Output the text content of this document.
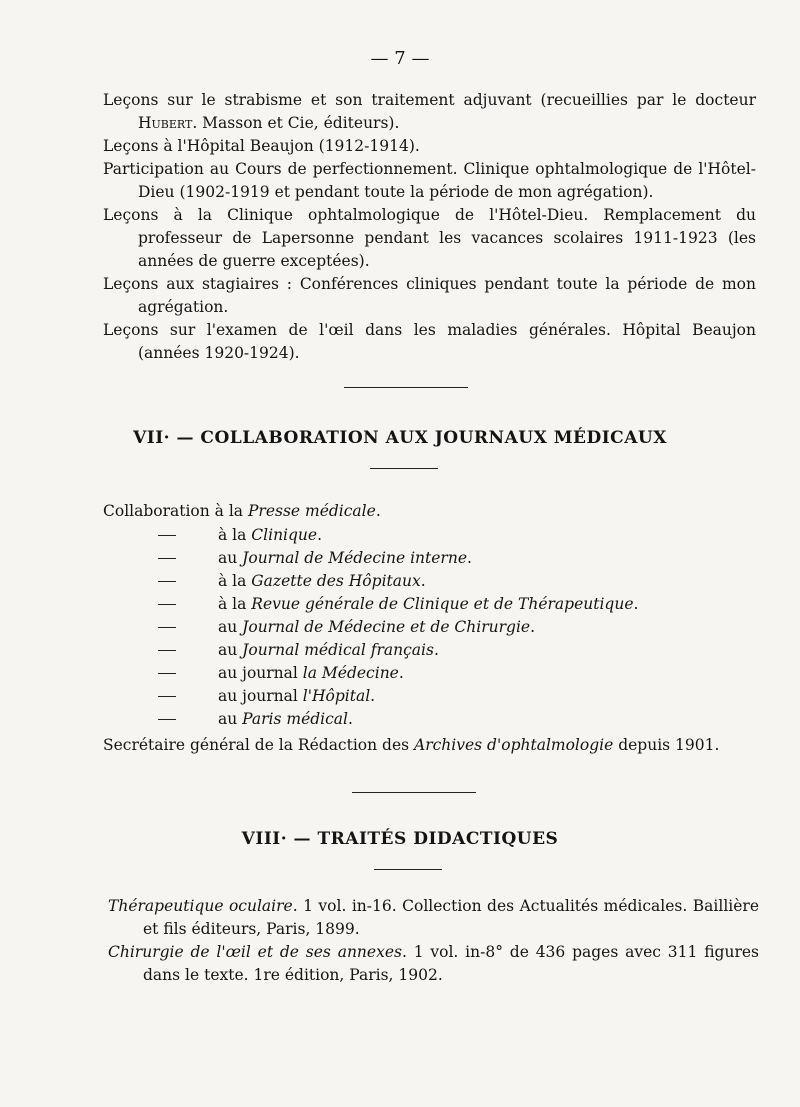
— 7 —
Leçons sur le strabisme et son traitement adjuvant (recueillies par le docteur Hubert. Masson et Cie, éditeurs).
Leçons à l'Hôpital Beaujon (1912-1914).
Participation au Cours de perfectionnement. Clinique ophtalmologique de l'Hôtel-Dieu (1902-1919 et pendant toute la période de mon agrégation).
Leçons à la Clinique ophtalmologique de l'Hôtel-Dieu. Remplacement du professeur de Lapersonne pendant les vacances scolaires 1911-1923 (les années de guerre exceptées).
Leçons aux stagiaires : Conférences cliniques pendant toute la période de mon agrégation.
Leçons sur l'examen de l'œil dans les maladies générales. Hôpital Beaujon (années 1920-1924).
VII· — COLLABORATION AUX JOURNAUX MÉDICAUX
Collaboration à la Presse médicale.
à la Clinique.
au Journal de Médecine interne.
à la Gazette des Hôpitaux.
à la Revue générale de Clinique et de Thérapeutique.
au Journal de Médecine et de Chirurgie.
au Journal médical français.
au journal la Médecine.
au journal l'Hôpital.
au Paris médical.
Secrétaire général de la Rédaction des Archives d'ophtalmologie depuis 1901.
VIII· — TRAITÉS DIDACTIQUES
Thérapeutique oculaire. 1 vol. in-16. Collection des Actualités médicales. Baillière et fils éditeurs, Paris, 1899.
Chirurgie de l'œil et de ses annexes. 1 vol. in-8° de 436 pages avec 311 figures dans le texte. 1re édition, Paris, 1902.
